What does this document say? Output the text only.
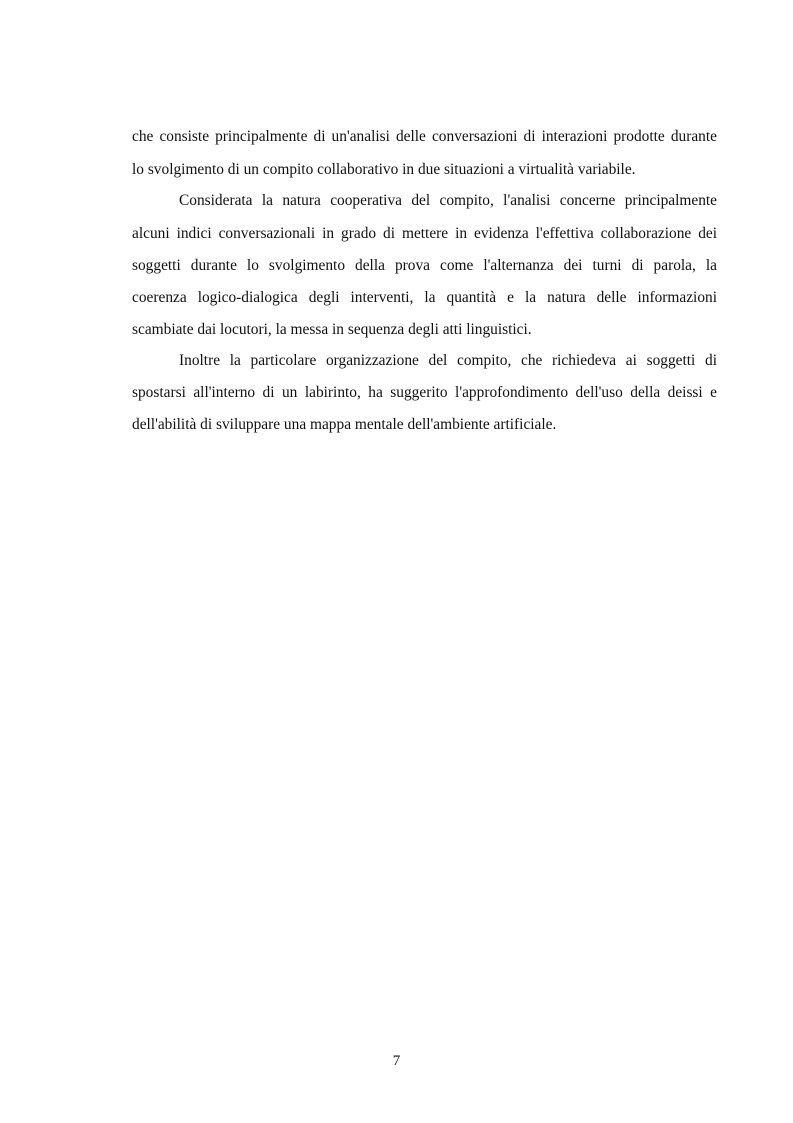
che consiste principalmente di un'analisi delle conversazioni di interazioni prodotte durante
lo svolgimento di un compito collaborativo in due situazioni a virtualità variabile.
Considerata la natura cooperativa del compito, l'analisi concerne principalmente
alcuni indici conversazionali in grado di mettere in evidenza l'effettiva collaborazione dei
soggetti durante lo svolgimento della prova come l'alternanza dei turni di parola, la
coerenza logico-dialogica degli interventi, la quantità e la natura delle informazioni
scambiate dai locutori, la messa in sequenza degli atti linguistici.
Inoltre la particolare organizzazione del compito, che richiedeva ai soggetti di
spostarsi all'interno di un labirinto, ha suggerito l'approfondimento dell'uso della deissi e
dell'abilità di sviluppare una mappa mentale dell'ambiente artificiale.
7
